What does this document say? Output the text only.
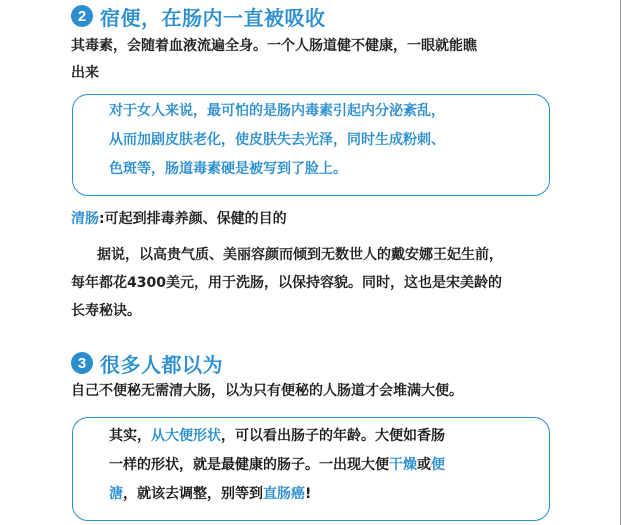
2 宿便，在肠内一直被吸收
其毒素，会随着血液流遍全身。一个人肠道健不健康，一眼就能瞧
出来
对于女人来说，最可怕的是肠内毒素引起内分泌紊乱，
从而加剧皮肤老化，使皮肤失去光泽，同时生成粉刺、
色斑等，肠道毒素硬是被写到了脸上。
清肠:可起到排毒养颜、保健的目的
据说，以高贵气质、美丽容颜而倾到无数世人的戴安娜王妃生前，
每年都花4300美元，用于洗肠，以保持容貌。同时，这也是宋美龄的
长寿秘诀。
3 很多人都以为
自己不便秘无需清大肠，以为只有便秘的人肠道才会堆满大便。
其实，从大便形状，可以看出肠子的年龄。大便如香肠
一样的形状，就是最健康的肠子。一出现大便干燥或便
溏，就该去调整，别等到直肠癌!
